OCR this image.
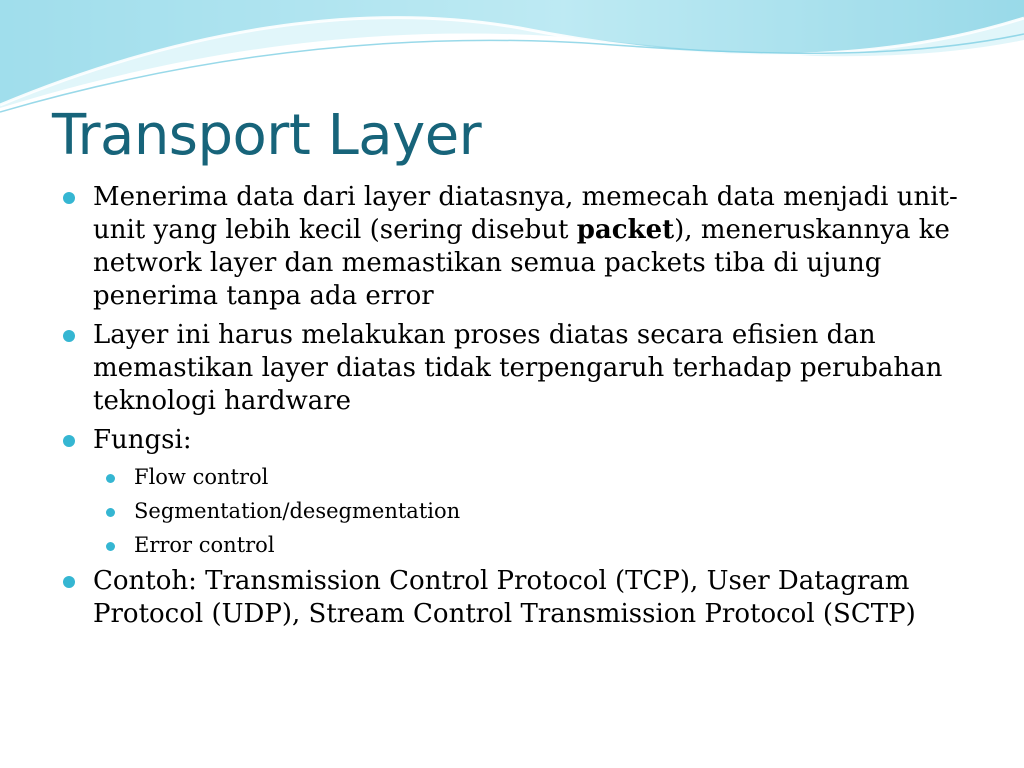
Transport Layer
Menerima data dari layer diatasnya, memecah data menjadi unit-unit yang lebih kecil (sering disebut packet), meneruskannya ke network layer dan memastikan semua packets tiba di ujung penerima tanpa ada error
Layer ini harus melakukan proses diatas secara efisien dan memastikan layer diatas tidak terpengaruh terhadap perubahan teknologi hardware
Fungsi:
Flow control
Segmentation/desegmentation
Error control
Contoh: Transmission Control Protocol (TCP), User Datagram Protocol (UDP), Stream Control Transmission Protocol (SCTP)
